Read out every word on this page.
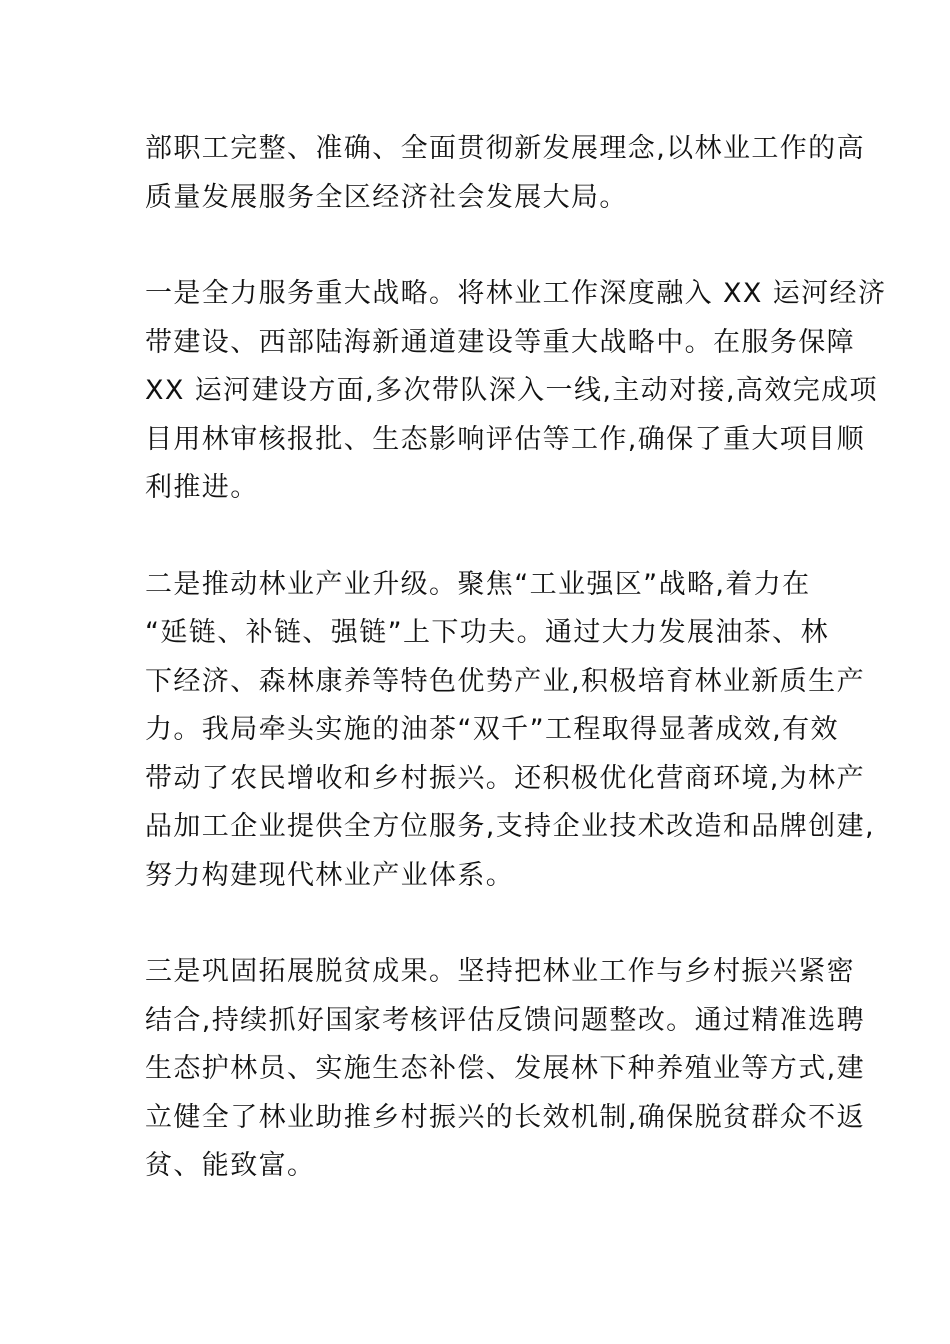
部职工完整、准确、全面贯彻新发展理念,以林业工作的高
质量发展服务全区经济社会发展大局。

一是全力服务重大战略。将林业工作深度融入 XX 运河经济
带建设、西部陆海新通道建设等重大战略中。在服务保障
XX 运河建设方面,多次带队深入一线,主动对接,高效完成项
目用林审核报批、生态影响评估等工作,确保了重大项目顺
利推进。

二是推动林业产业升级。聚焦“工业强区”战略,着力在
“延链、补链、强链”上下功夫。通过大力发展油茶、林
下经济、森林康养等特色优势产业,积极培育林业新质生产
力。我局牵头实施的油茶“双千”工程取得显著成效,有效
带动了农民增收和乡村振兴。还积极优化营商环境,为林产
品加工企业提供全方位服务,支持企业技术改造和品牌创建,
努力构建现代林业产业体系。

三是巩固拓展脱贫成果。坚持把林业工作与乡村振兴紧密
结合,持续抓好国家考核评估反馈问题整改。通过精准选聘
生态护林员、实施生态补偿、发展林下种养殖业等方式,建
立健全了林业助推乡村振兴的长效机制,确保脱贫群众不返
贫、能致富。
